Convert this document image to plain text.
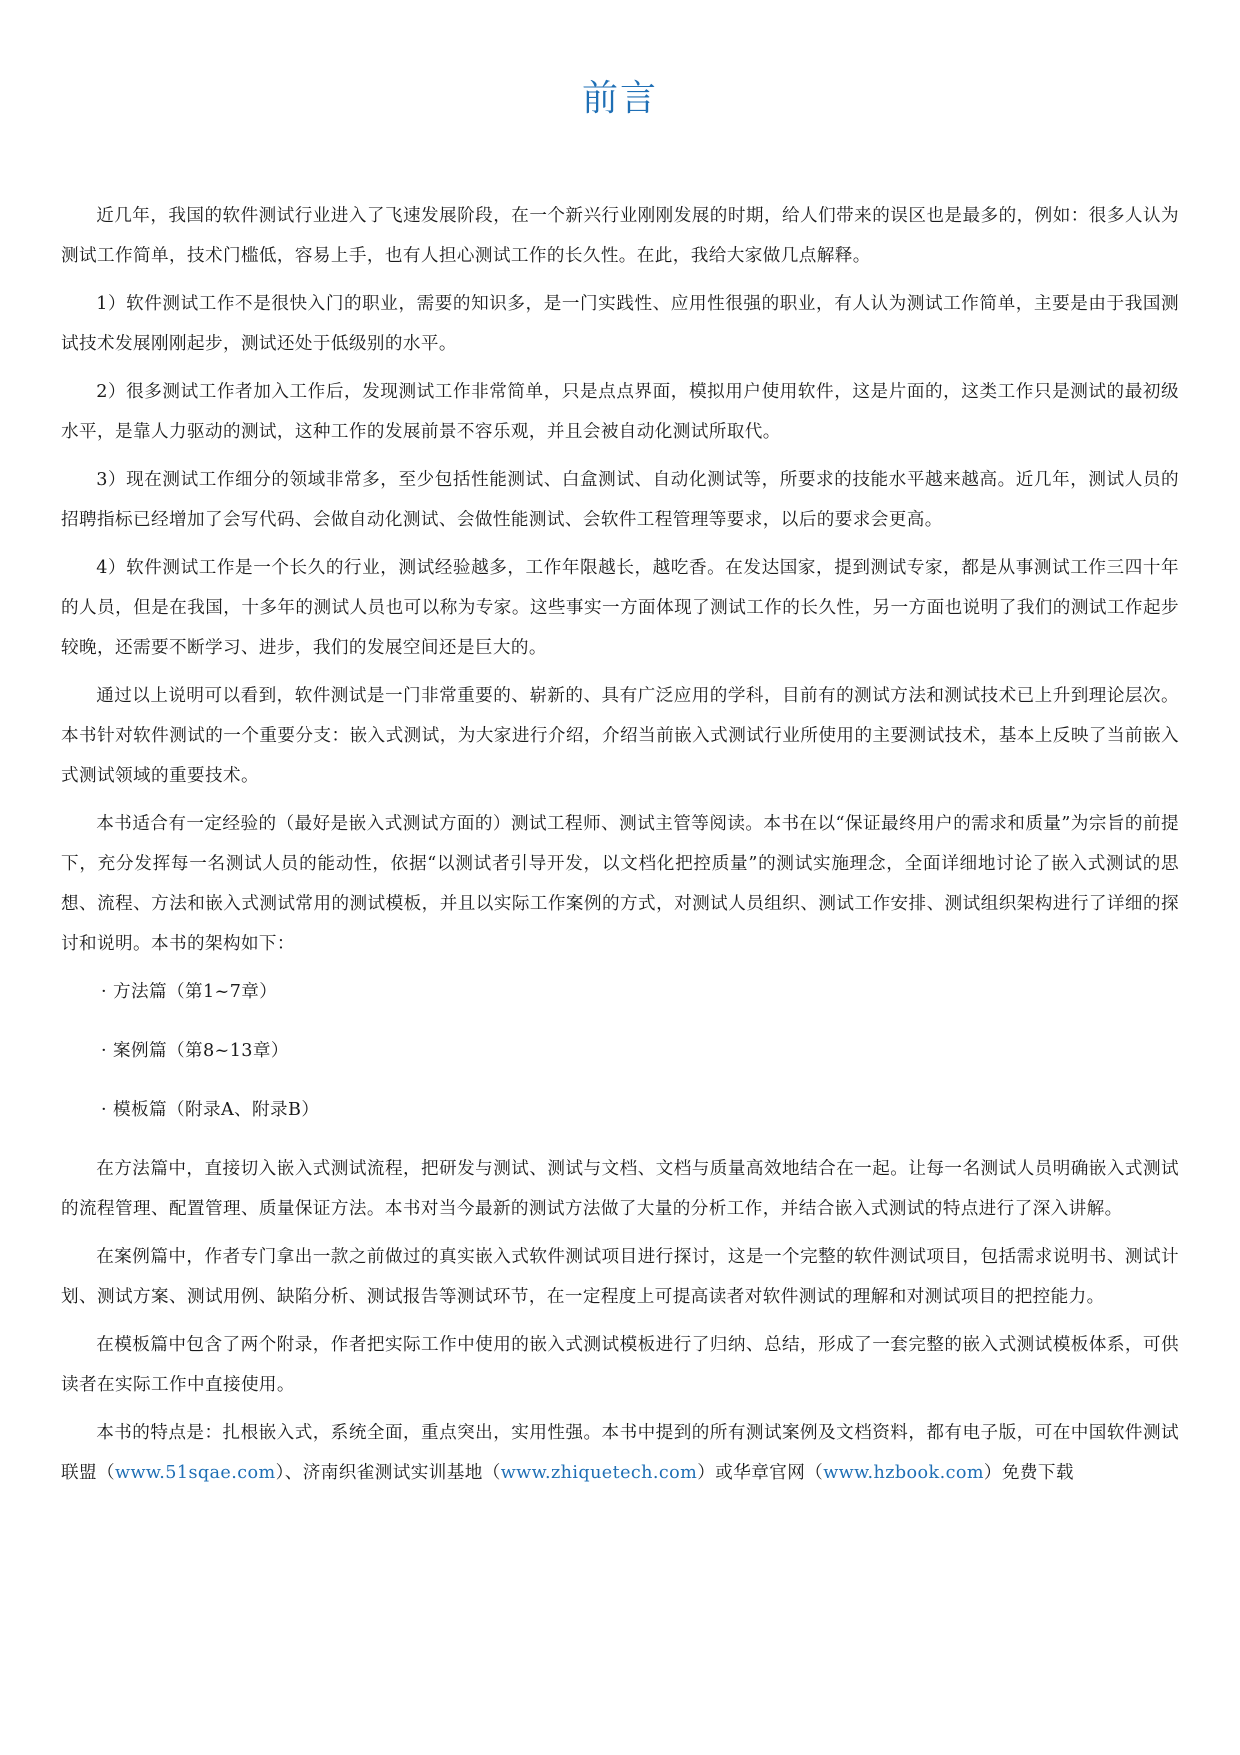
前言

近几年，我国的软件测试行业进入了飞速发展阶段，在一个新兴行业刚刚发展的时期，给人们带来的误区也是最多的，例如：很多人认为测试工作简单，技术门槛低，容易上手，也有人担心测试工作的长久性。在此，我给大家做几点解释。

1）软件测试工作不是很快入门的职业，需要的知识多，是一门实践性、应用性很强的职业，有人认为测试工作简单，主要是由于我国测试技术发展刚刚起步，测试还处于低级别的水平。

2）很多测试工作者加入工作后，发现测试工作非常简单，只是点点界面，模拟用户使用软件，这是片面的，这类工作只是测试的最初级水平，是靠人力驱动的测试，这种工作的发展前景不容乐观，并且会被自动化测试所取代。

3）现在测试工作细分的领域非常多，至少包括性能测试、白盒测试、自动化测试等，所要求的技能水平越来越高。近几年，测试人员的招聘指标已经增加了会写代码、会做自动化测试、会做性能测试、会软件工程管理等要求，以后的要求会更高。

4）软件测试工作是一个长久的行业，测试经验越多，工作年限越长，越吃香。在发达国家，提到测试专家，都是从事测试工作三四十年的人员，但是在我国，十多年的测试人员也可以称为专家。这些事实一方面体现了测试工作的长久性，另一方面也说明了我们的测试工作起步较晚，还需要不断学习、进步，我们的发展空间还是巨大的。

通过以上说明可以看到，软件测试是一门非常重要的、崭新的、具有广泛应用的学科，目前有的测试方法和测试技术已上升到理论层次。本书针对软件测试的一个重要分支：嵌入式测试，为大家进行介绍，介绍当前嵌入式测试行业所使用的主要测试技术，基本上反映了当前嵌入式测试领域的重要技术。

本书适合有一定经验的（最好是嵌入式测试方面的）测试工程师、测试主管等阅读。本书在以“保证最终用户的需求和质量”为宗旨的前提下，充分发挥每一名测试人员的能动性，依据“以测试者引导开发，以文档化把控质量”的测试实施理念，全面详细地讨论了嵌入式测试的思想、流程、方法和嵌入式测试常用的测试模板，并且以实际工作案例的方式，对测试人员组织、测试工作安排、测试组织架构进行了详细的探讨和说明。本书的架构如下：

· 方法篇（第1~7章）
· 案例篇（第8~13章）
· 模板篇（附录A、附录B）

在方法篇中，直接切入嵌入式测试流程，把研发与测试、测试与文档、文档与质量高效地结合在一起。让每一名测试人员明确嵌入式测试的流程管理、配置管理、质量保证方法。本书对当今最新的测试方法做了大量的分析工作，并结合嵌入式测试的特点进行了深入讲解。

在案例篇中，作者专门拿出一款之前做过的真实嵌入式软件测试项目进行探讨，这是一个完整的软件测试项目，包括需求说明书、测试计划、测试方案、测试用例、缺陷分析、测试报告等测试环节，在一定程度上可提高读者对软件测试的理解和对测试项目的把控能力。

在模板篇中包含了两个附录，作者把实际工作中使用的嵌入式测试模板进行了归纳、总结，形成了一套完整的嵌入式测试模板体系，可供读者在实际工作中直接使用。

本书的特点是：扎根嵌入式，系统全面，重点突出，实用性强。本书中提到的所有测试案例及文档资料，都有电子版，可在中国软件测试联盟（www.51sqae.com）、济南织雀测试实训基地（www.zhiquetech.com）或华章官网（www.hzbook.com）免费下载
